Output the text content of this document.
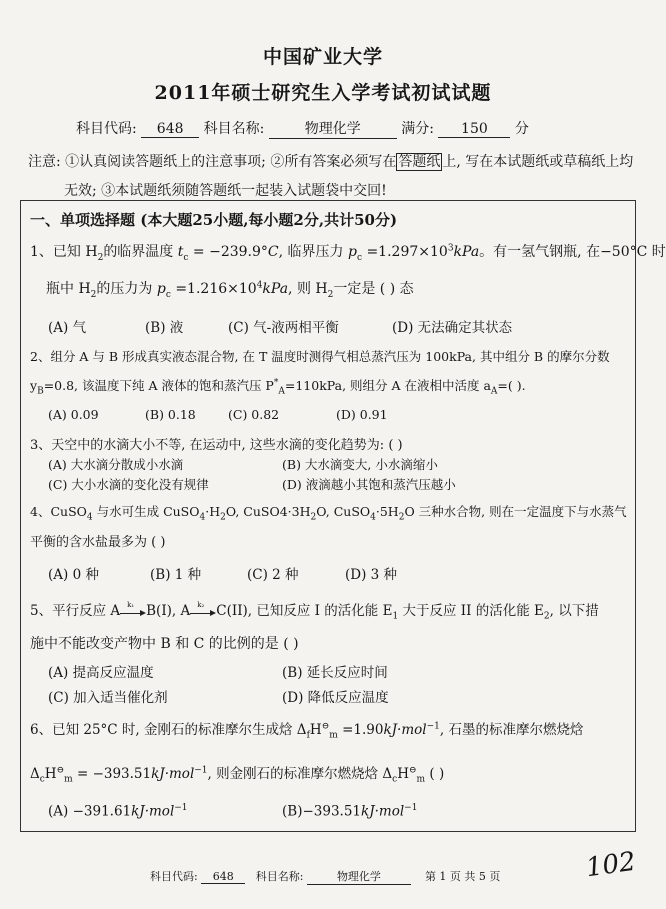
中国矿业大学
2011年硕士研究生入学考试初试试题
科目代码: 648 科目名称:	物理化学	满分: 150 分
注意: ①认真阅读答题纸上的注意事项; ②所有答案必须写在 答题纸 上, 写在本试题纸或草稿纸上均
无效; ③本试题纸须随答题纸一起装入试题袋中交回!
一、单项选择题 (本大题25小题,每小题2分,共计50分)
1、已知 $H_2$的临界温度 $t_c = -239.9^\circ C$, 临界压力 $p_c =1.297\times 10^3kPa$。有一氢气钢瓶, 在−50°C 时
瓶中 $H_2$的压力为 $p_c =1.216\times 10^4kPa$, 则 $H_2$一定是 ( ) 态
(A) 气	(B) 液	(C) 气-液两相平衡	(D) 无法确定其状态
2、组分 A 与 B 形成真实液态混合物, 在 T 温度时测得气相总蒸汽压为 100kPa, 其中组分 B 的摩尔分数
$y_B=0.8$, 该温度下纯 A 液体的饱和蒸汽压 $P^*_A=110kPa$, 则组分 A 在液相中活度 $a_A=$( ).
(A) 0.09	(B) 0.18	(C) 0.82	(D) 0.91
3、天空中的水滴大小不等, 在运动中, 这些水滴的变化趋势为: ( )
(A) 大水滴分散成小水滴	(B) 大水滴变大, 小水滴缩小
(C) 大小水滴的变化没有规律	(D) 液滴越小其饱和蒸汽压越小
4、CuSO$_4$ 与水可生成 $CuSO_4\cdot H_2O$, $CuSO4\cdot 3H_2O$, $CuSO_4\cdot 5H_2O$ 三种水合物, 则在一定温度下与水蒸气
平衡的含水盐最多为 ( )
(A) 0 种	(B) 1 种	(C) 2 种	(D) 3 种
5、平行反应 A k₁ B(I), A k₂ C(II), 已知反应 I 的活化能 $E_1$ 大于反应 II 的活化能 $E_2$, 以下措
施中不能改变产物中 B 和 C 的比例的是 ( )
(A) 提高反应温度	(B) 延长反应时间
(C) 加入适当催化剂	(D) 降低反应温度
6、已知 25°C 时, 金刚石的标准摩尔生成焓 $\Delta_fH^⊖_m =1.90kJ\cdot mol^{-1}$, 石墨的标准摩尔燃烧焓
$\Delta_cH^⊖_m = -393.51kJ\cdot mol^{-1}$, 则金刚石的标准摩尔燃烧焓 $\Delta_cH^⊖_m$ ( )
(A) −391.61kJ·mol$^{-1}$	(B)−393.51kJ·mol$^{-1}$
科目代码: 648 科目名称:	物理化学	第 1 页 共 5 页	102
